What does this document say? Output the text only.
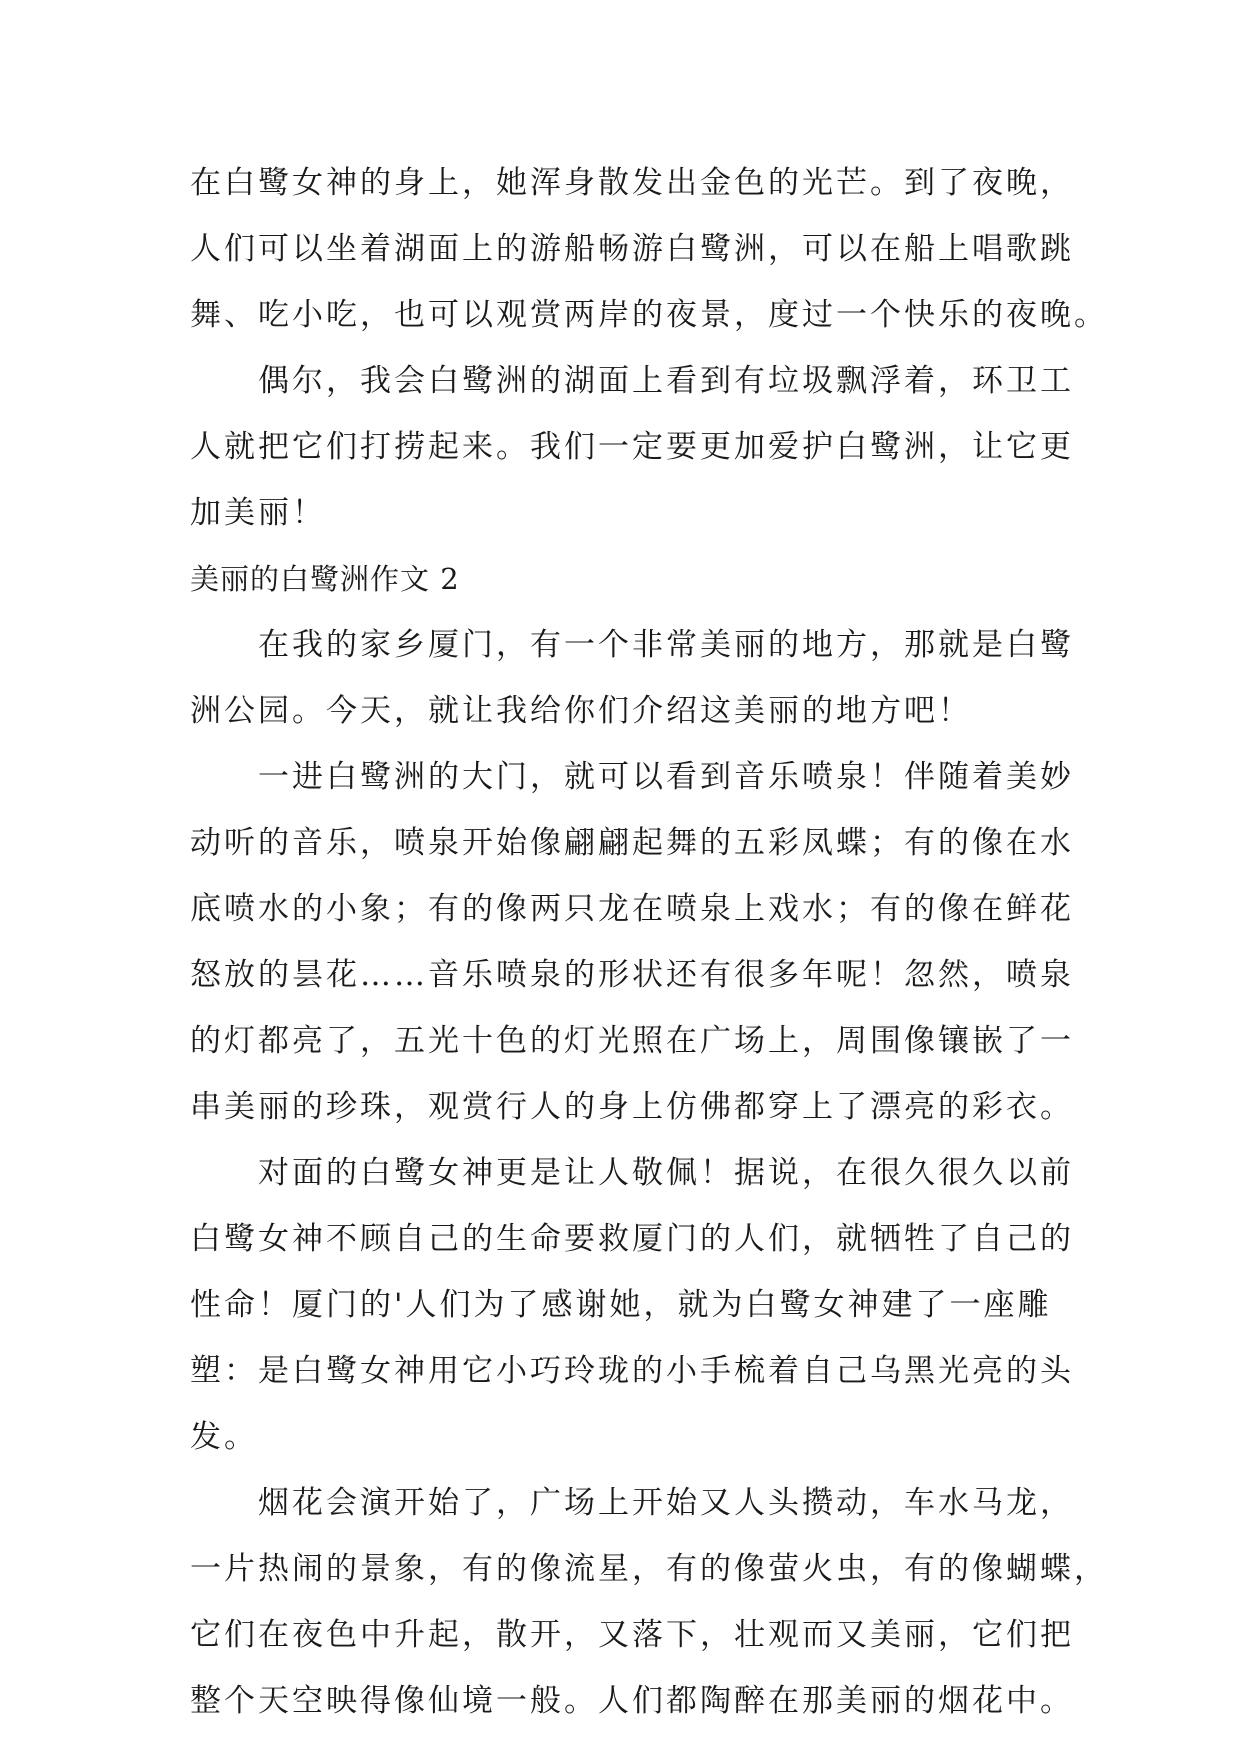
在白鹭女神的身上，她浑身散发出金色的光芒。到了夜晚，
人们可以坐着湖面上的游船畅游白鹭洲，可以在船上唱歌跳
舞、吃小吃，也可以观赏两岸的夜景，度过一个快乐的夜晚。
　　偶尔，我会白鹭洲的湖面上看到有垃圾飘浮着，环卫工
人就把它们打捞起来。我们一定要更加爱护白鹭洲，让它更
加美丽！
美丽的白鹭洲作文 2
　　在我的家乡厦门，有一个非常美丽的地方，那就是白鹭
洲公园。今天，就让我给你们介绍这美丽的地方吧！
　　一进白鹭洲的大门，就可以看到音乐喷泉！伴随着美妙
动听的音乐，喷泉开始像翩翩起舞的五彩凤蝶；有的像在水
底喷水的小象；有的像两只龙在喷泉上戏水；有的像在鲜花
怒放的昙花……音乐喷泉的形状还有很多年呢！忽然，喷泉
的灯都亮了，五光十色的灯光照在广场上，周围像镶嵌了一
串美丽的珍珠，观赏行人的身上仿佛都穿上了漂亮的彩衣。
　　对面的白鹭女神更是让人敬佩！据说，在很久很久以前
白鹭女神不顾自己的生命要救厦门的人们，就牺牲了自己的
性命！厦门的'人们为了感谢她，就为白鹭女神建了一座雕
塑：是白鹭女神用它小巧玲珑的小手梳着自己乌黑光亮的头
发。
　　烟花会演开始了，广场上开始又人头攒动，车水马龙，
一片热闹的景象，有的像流星，有的像萤火虫，有的像蝴蝶，
它们在夜色中升起，散开，又落下，壮观而又美丽，它们把
整个天空映得像仙境一般。人们都陶醉在那美丽的烟花中。
